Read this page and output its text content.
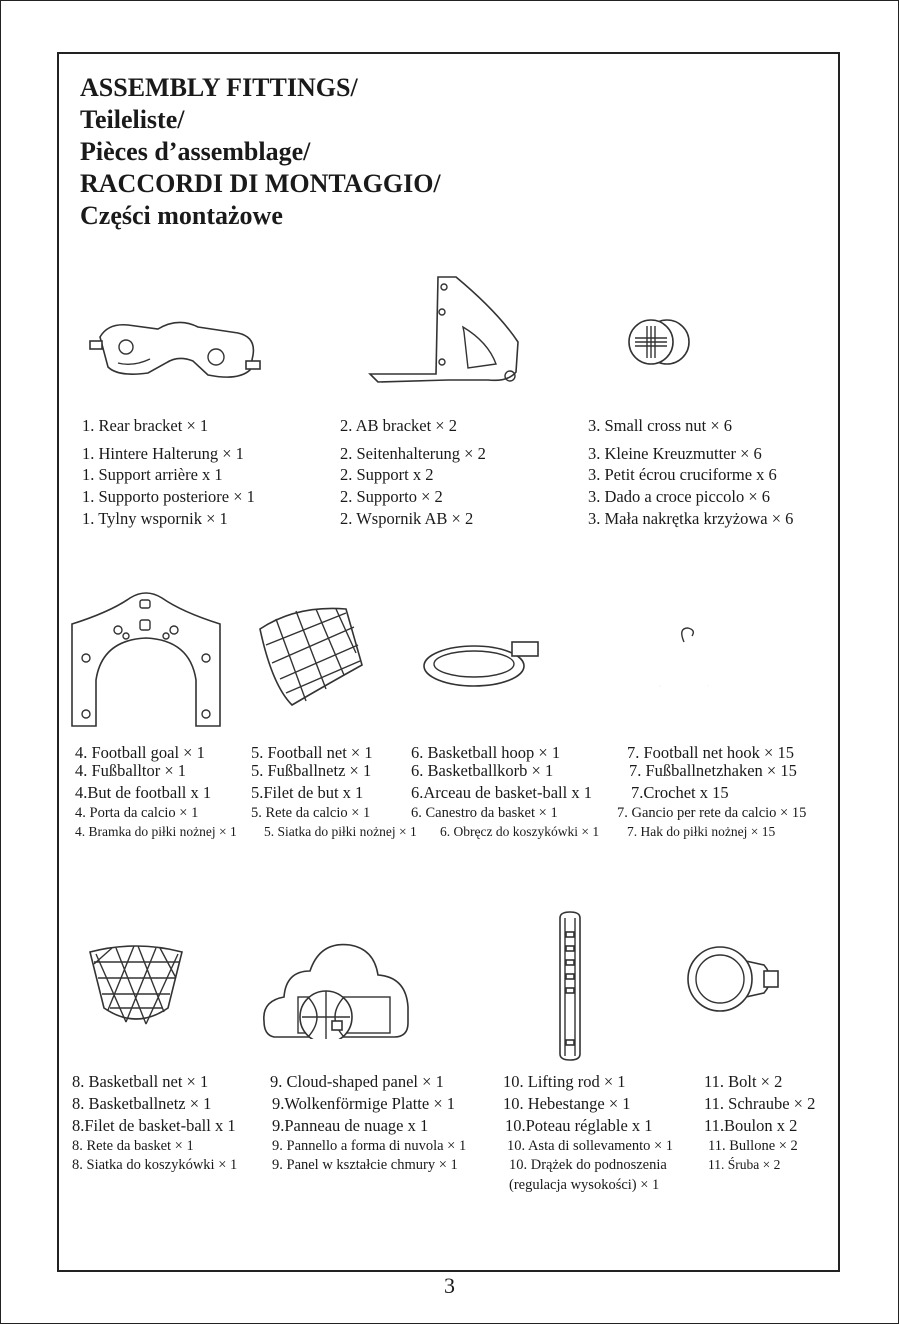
ASSEMBLY FITTINGS/
Teileliste/
Pièces d’assemblage/
RACCORDI DI MONTAGGIO/
Części montażowe
1. Rear bracket × 1
1. Hintere Halterung × 1
1. Support arrière x 1
1. Supporto posteriore × 1
1. Tylny wspornik × 1
2. AB bracket × 2
2. Seitenhalterung × 2
2. Support x 2
2. Supporto × 2
2. Wspornik AB × 2
3. Small cross nut × 6
3. Kleine Kreuzmutter × 6
3. Petit écrou cruciforme x 6
3. Dado a croce piccolo × 6
3. Mała nakrętka krzyżowa × 6
4. Football goal × 1
4. Fußballtor × 1
4.But de football x 1
4. Porta da calcio × 1
4. Bramka do piłki nożnej × 1
5. Football net × 1
5. Fußballnetz × 1
5.Filet de but x 1
5. Rete da calcio × 1
5. Siatka do piłki nożnej × 1
6. Basketball hoop × 1
6. Basketballkorb × 1
6.Arceau de basket-ball x 1
6. Canestro da basket × 1
6. Obręcz do koszykówki × 1
7. Football net hook × 15
7. Fußballnetzhaken × 15
7.Crochet x 15
7. Gancio per rete da calcio × 15
7. Hak do piłki nożnej × 15
8. Basketball net × 1
8. Basketballnetz × 1
8.Filet de basket-ball x 1
8. Rete da basket × 1
8. Siatka do koszykówki × 1
9. Cloud-shaped panel × 1
9.Wolkenförmige Platte × 1
9.Panneau de nuage x 1
9. Pannello a forma di nuvola × 1
9. Panel w kształcie chmury × 1
10. Lifting rod × 1
10. Hebestange × 1
10.Poteau réglable x 1
10. Asta di sollevamento × 1
10. Drążek do podnoszenia
(regulacja wysokości) × 1
11. Bolt × 2
11. Schraube × 2
11.Boulon x 2
11. Bullone × 2
11. Śruba × 2
3
